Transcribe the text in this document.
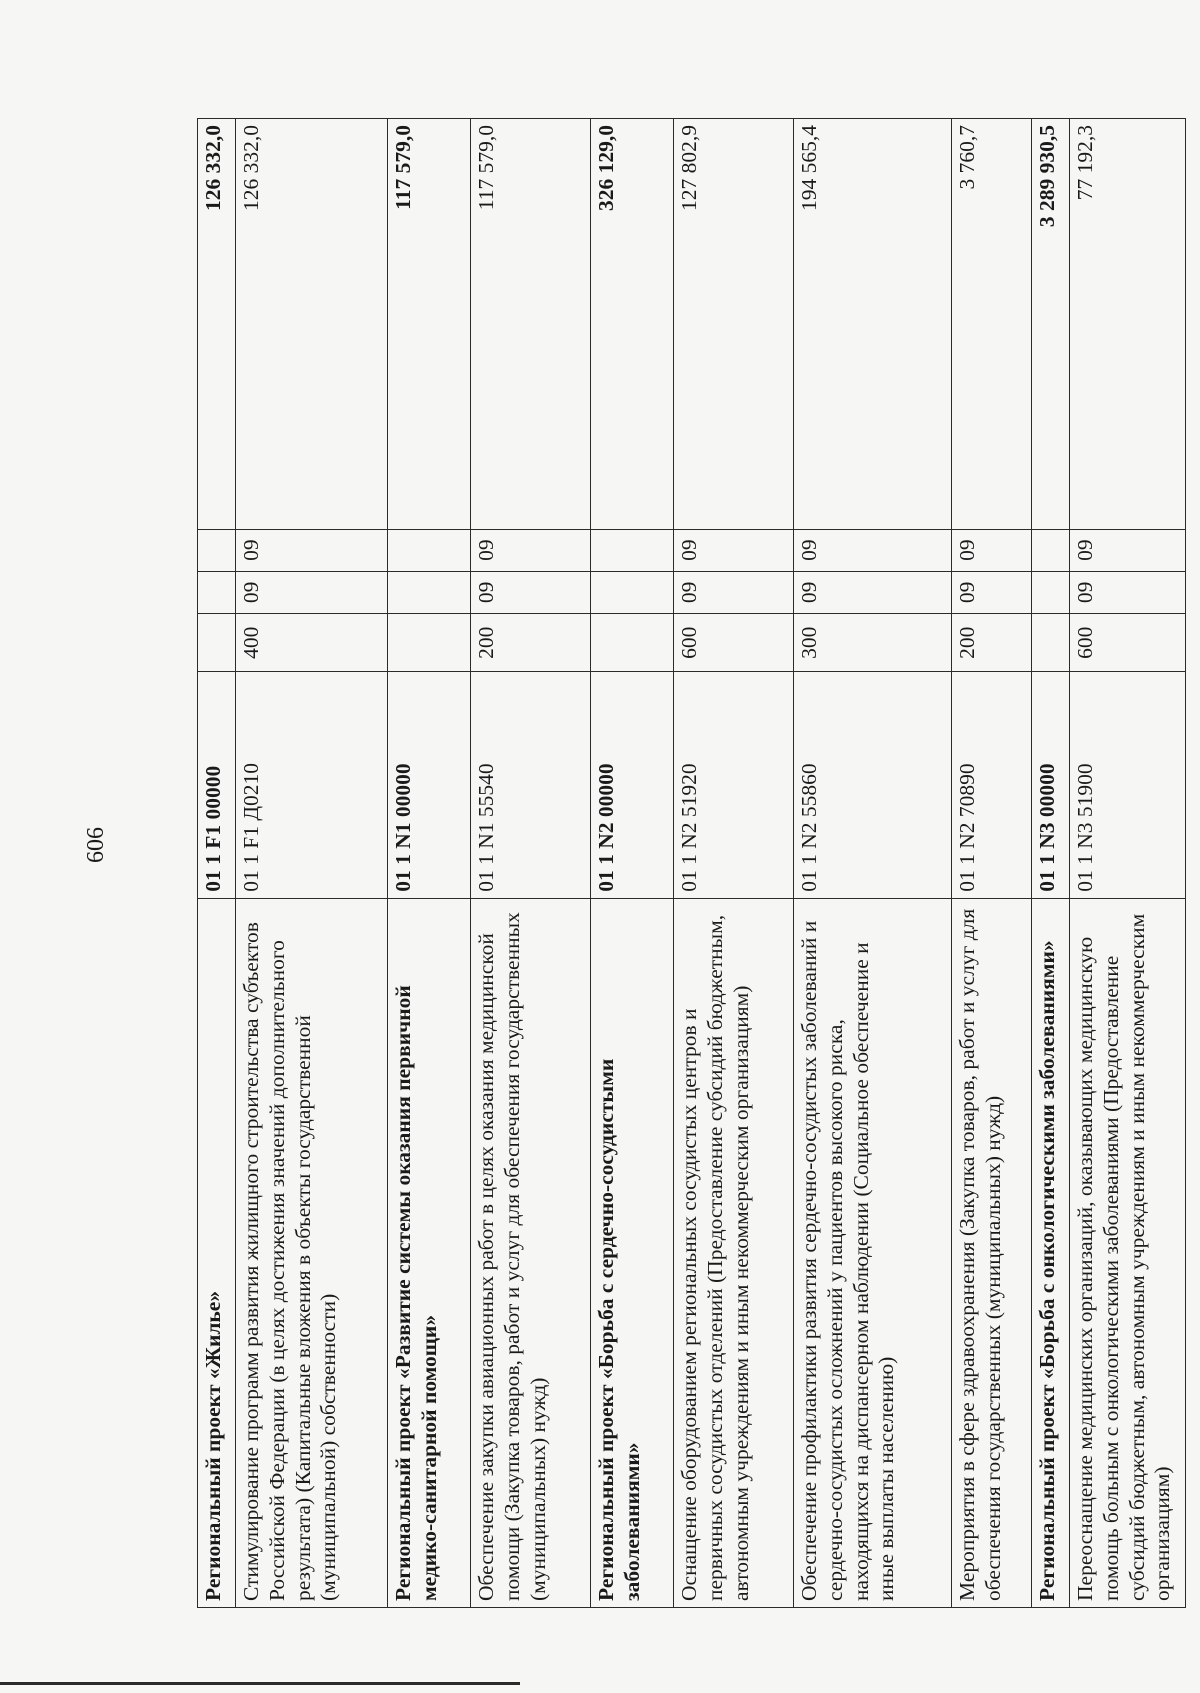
606
Региональный проект «Жилье»	01 1 F1 00000				126 332,0
Стимулирование программ развития жилищного строительства субъектов Российской Федерации (в целях достижения значений дополнительного результата) (Капитальные вложения в объекты государственной (муниципальной) собственности)	01 1 F1 Д0210	400	09	09	126 332,0
Региональный проект «Развитие системы оказания первичной медико-санитарной помощи»	01 1 N1 00000				117 579,0
Обеспечение закупки авиационных работ в целях оказания медицинской помощи (Закупка товаров, работ и услуг для обеспечения государственных (муниципальных) нужд)	01 1 N1 55540	200	09	09	117 579,0
Региональный проект «Борьба с сердечно-сосудистыми заболеваниями»	01 1 N2 00000				326 129,0
Оснащение оборудованием региональных сосудистых центров и первичных сосудистых отделений (Предоставление субсидий бюджетным, автономным учреждениям и иным некоммерческим организациям)	01 1 N2 51920	600	09	09	127 802,9
Обеспечение профилактики развития сердечно-сосудистых заболеваний и сердечно-сосудистых осложнений у пациентов высокого риска, находящихся на диспансерном наблюдении (Социальное обеспечение и иные выплаты населению)	01 1 N2 55860	300	09	09	194 565,4
Мероприятия в сфере здравоохранения (Закупка товаров, работ и услуг для обеспечения государственных (муниципальных) нужд)	01 1 N2 70890	200	09	09	3 760,7
Региональный проект «Борьба с онкологическими заболеваниями»	01 1 N3 00000				3 289 930,5
Переоснащение медицинских организаций, оказывающих медицинскую помощь больным с онкологическими заболеваниями (Предоставление субсидий бюджетным, автономным учреждениям и иным некоммерческим организациям)	01 1 N3 51900	600	09	09	77 192,3
